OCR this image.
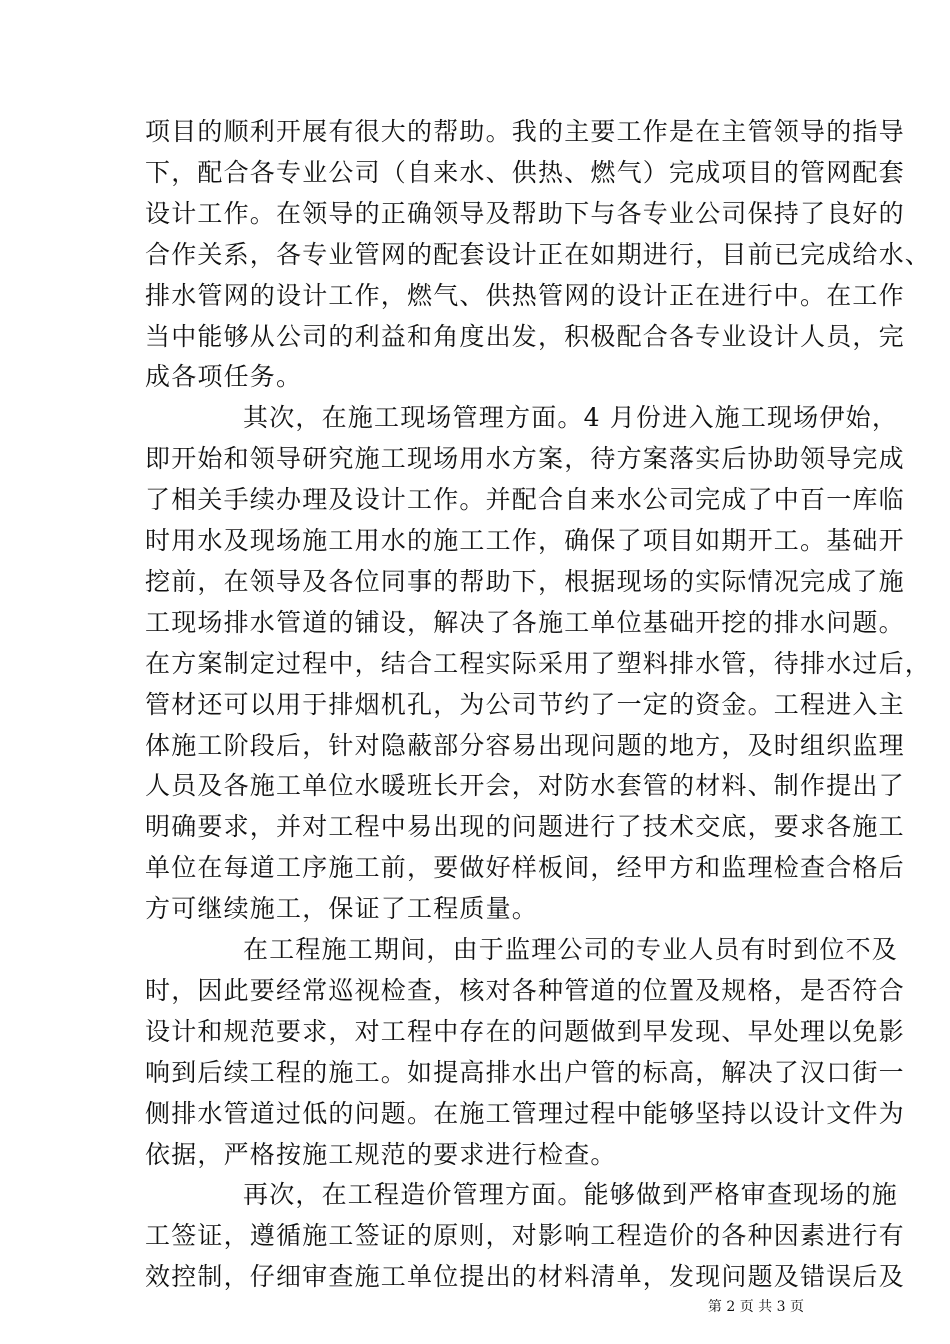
项目的顺利开展有很大的帮助。我的主要工作是在主管领导的指导
下，配合各专业公司（自来水、供热、燃气）完成项目的管网配套
设计工作。在领导的正确领导及帮助下与各专业公司保持了良好的
合作关系，各专业管网的配套设计正在如期进行，目前已完成给水、
排水管网的设计工作，燃气、供热管网的设计正在进行中。在工作
当中能够从公司的利益和角度出发，积极配合各专业设计人员，完
成各项任务。
其次，在施工现场管理方面。4 月份进入施工现场伊始，
即开始和领导研究施工现场用水方案，待方案落实后协助领导完成
了相关手续办理及设计工作。并配合自来水公司完成了中百一库临
时用水及现场施工用水的施工工作，确保了项目如期开工。基础开
挖前，在领导及各位同事的帮助下，根据现场的实际情况完成了施
工现场排水管道的铺设，解决了各施工单位基础开挖的排水问题。
在方案制定过程中，结合工程实际采用了塑料排水管，待排水过后，
管材还可以用于排烟机孔，为公司节约了一定的资金。工程进入主
体施工阶段后，针对隐蔽部分容易出现问题的地方，及时组织监理
人员及各施工单位水暖班长开会，对防水套管的材料、制作提出了
明确要求，并对工程中易出现的问题进行了技术交底，要求各施工
单位在每道工序施工前，要做好样板间，经甲方和监理检查合格后
方可继续施工，保证了工程质量。
在工程施工期间，由于监理公司的专业人员有时到位不及
时，因此要经常巡视检查，核对各种管道的位置及规格，是否符合
设计和规范要求，对工程中存在的问题做到早发现、早处理以免影
响到后续工程的施工。如提高排水出户管的标高，解决了汉口街一
侧排水管道过低的问题。在施工管理过程中能够坚持以设计文件为
依据，严格按施工规范的要求进行检查。
再次，在工程造价管理方面。能够做到严格审查现场的施
工签证，遵循施工签证的原则，对影响工程造价的各种因素进行有
效控制，仔细审查施工单位提出的材料清单，发现问题及错误后及
第 2 页 共 3 页
